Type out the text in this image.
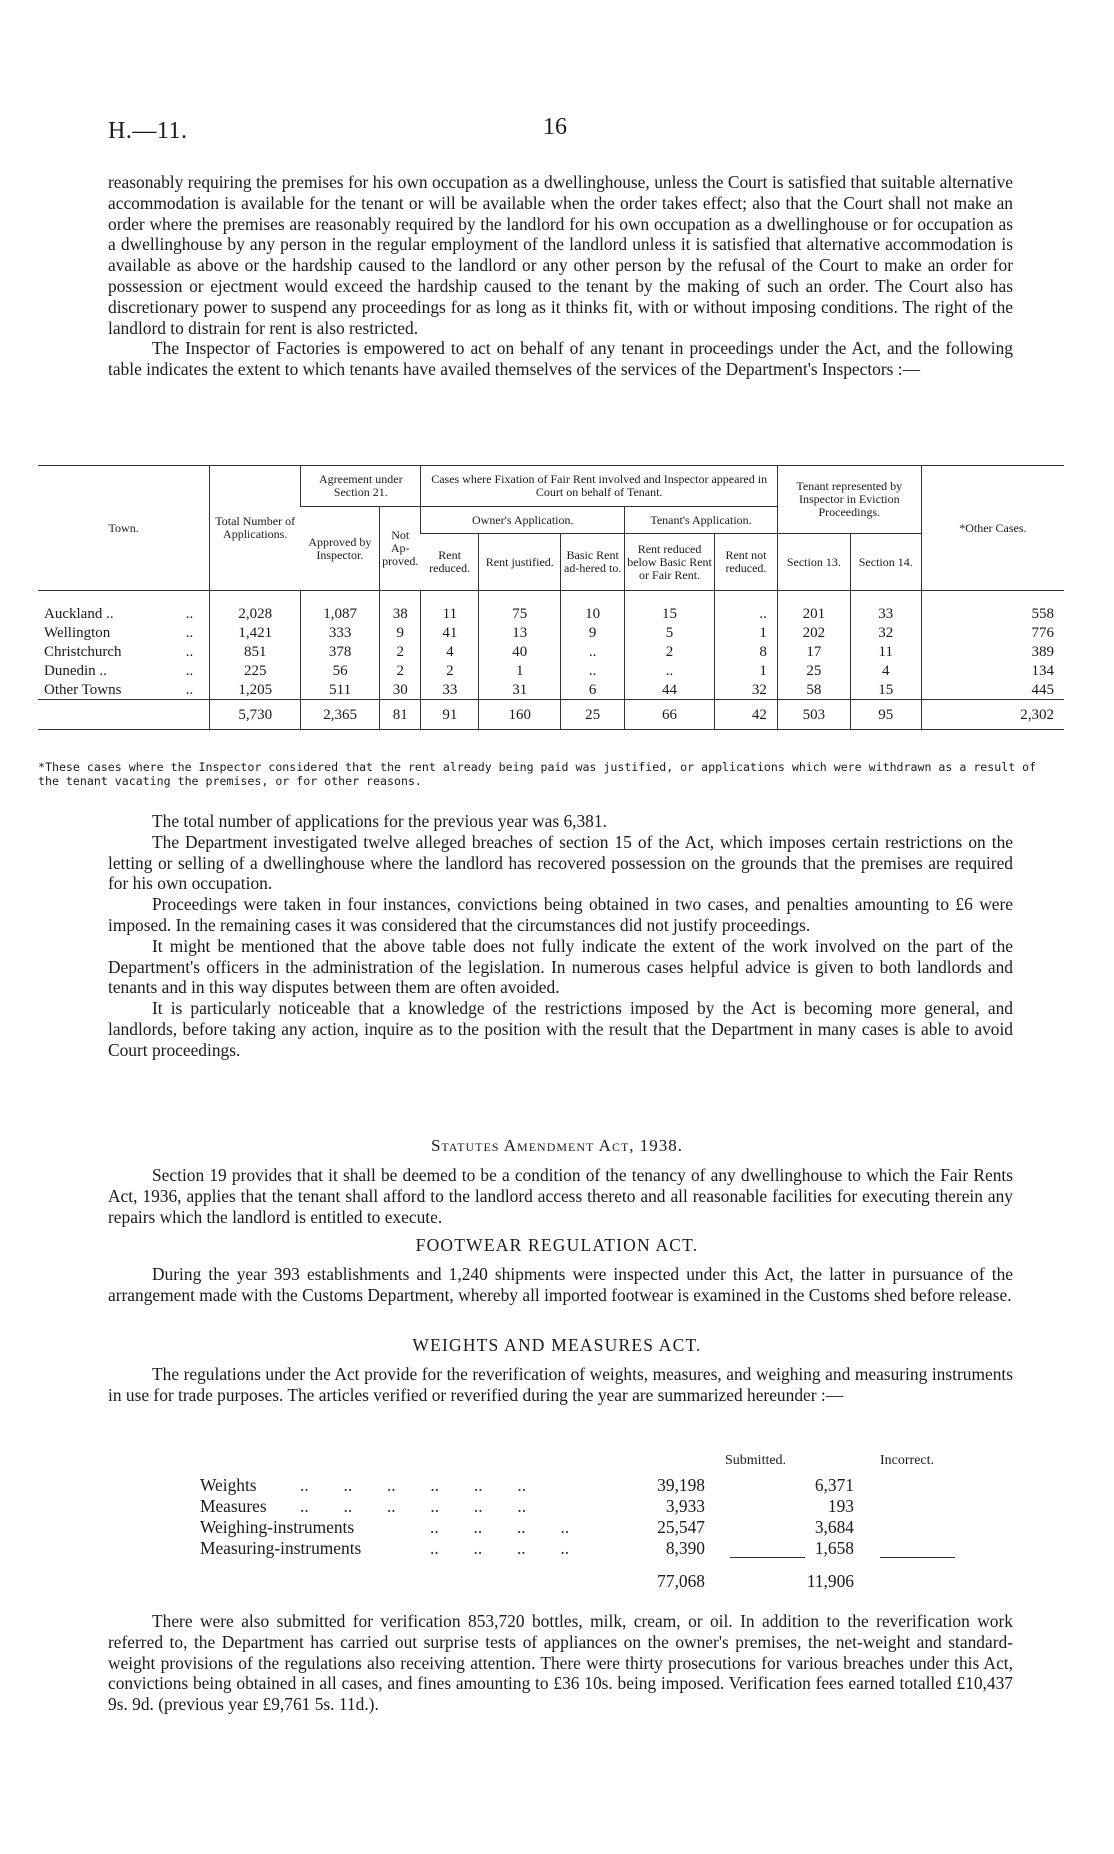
H.—11.	16

reasonably requiring the premises for his own occupation as a dwellinghouse, unless the Court is satisfied that suitable alternative accommodation is available for the tenant or will be available when the order takes effect; also that the Court shall not make an order where the premises are reasonably required by the landlord for his own occupation as a dwellinghouse or for occupation as a dwellinghouse by any person in the regular employment of the landlord unless it is satisfied that alternative accommodation is available as above or the hardship caused to the landlord or any other person by the refusal of the Court to make an order for possession or ejectment would exceed the hardship caused to the tenant by the making of such an order. The Court also has discretionary power to suspend any proceedings for as long as it thinks fit, with or without imposing conditions. The right of the landlord to distrain for rent is also restricted.

The Inspector of Factories is empowered to act on behalf of any tenant in proceedings under the Act, and the following table indicates the extent to which tenants have availed themselves of the services of the Department's Inspectors :—

Town.	Total Number of Applications.	Agreement under Section 21.		Cases where Fixation of Fair Rent involved and Inspector appeared in Court on behalf of Tenant.					Tenant represented by Inspector in Eviction Proceedings.		*Other Cases.
		Approved by Inspector.	Not Ap-proved.	Owner's Application.			Tenant's Application.				
				Rent reduced.	Rent justified.	Basic Rent ad-hered to.	Rent reduced below Basic Rent or Fair Rent.	Rent not reduced.	Section 13.	Section 14.	

..
Auckland ..	2,028	1,087	38	11	75	10	15	..	201	33	558

..
Wellington	1,421	333	9	41	13	9	5	1	202	32	776

..
Christchurch	851	378	2	4	40	..	2	8	17	11	389

..
Dunedin ..	225	56	2	2	1	..	..	1	25	4	134

..
Other Towns	1,205	511	30	33	31	6	44	32	58	15	445
	5,730	2,365	81	91	160	25	66	42	503	95	2,302
*These cases where the Inspector considered that the rent already being paid was justified, or applications which were withdrawn as a result of the tenant vacating the premises, or for other reasons.

The total number of applications for the previous year was 6,381.

The Department investigated twelve alleged breaches of section 15 of the Act, which imposes certain restrictions on the letting or selling of a dwellinghouse where the landlord has recovered possession on the grounds that the premises are required for his own occupation.

Proceedings were taken in four instances, convictions being obtained in two cases, and penalties amounting to £6 were imposed. In the remaining cases it was considered that the circumstances did not justify proceedings.

It might be mentioned that the above table does not fully indicate the extent of the work involved on the part of the Department's officers in the administration of the legislation. In numerous cases helpful advice is given to both landlords and tenants and in this way disputes between them are often avoided.

It is particularly noticeable that a knowledge of the restrictions imposed by the Act is becoming more general, and landlords, before taking any action, inquire as to the position with the result that the Department in many cases is able to avoid Court proceedings.

Statutes Amendment Act, 1938.

Section 19 provides that it shall be deemed to be a condition of the tenancy of any dwellinghouse to which the Fair Rents Act, 1936, applies that the tenant shall afford to the landlord access thereto and all reasonable facilities for executing therein any repairs which the landlord is entitled to execute.

FOOTWEAR REGULATION ACT.

During the year 393 establishments and 1,240 shipments were inspected under this Act, the latter in pursuance of the arrangement made with the Customs Department, whereby all imported footwear is examined in the Customs shed before release.

WEIGHTS AND MEASURES ACT.

The regulations under the Act provide for the reverification of weights, measures, and weighing and measuring instruments in use for trade purposes. The articles verified or reverified during the year are summarized hereunder :—

Submitted.	Incorrect.
Weights ..        ..        ..        ..        ..        ..	39,198	6,371
Measures ..        ..        ..        ..        ..        ..	3,933	193
Weighing-instruments	..        ..        ..        ..	25,547	3,684
Measuring-instruments	..        ..        ..        ..	8,390	1,658
77,068	11,906

There were also submitted for verification 853,720 bottles, milk, cream, or oil. In addition to the reverification work referred to, the Department has carried out surprise tests of appliances on the owner's premises, the net-weight and standard-weight provisions of the regulations also receiving attention. There were thirty prosecutions for various breaches under this Act, convictions being obtained in all cases, and fines amounting to £36 10s. being imposed. Verification fees earned totalled £10,437 9s. 9d. (previous year £9,761 5s. 11d.).
